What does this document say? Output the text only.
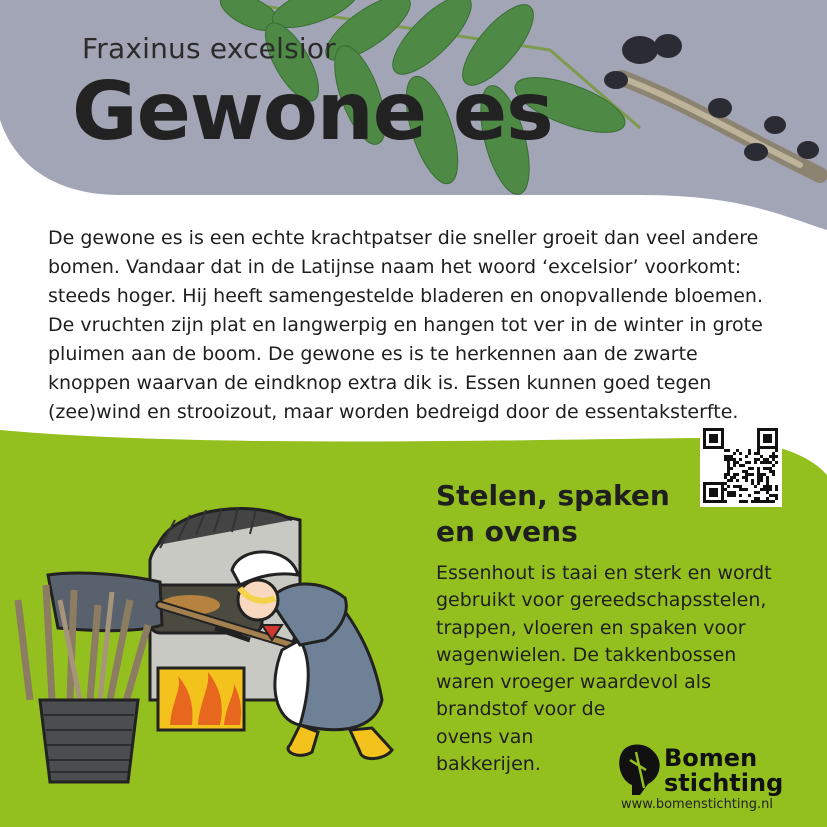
Fraxinus excelsior
Gewone es

De gewone es is een echte krachtpatser die sneller groeit dan veel andere
bomen. Vandaar dat in de Latijnse naam het woord ‘excelsior’ voorkomt:
steeds hoger. Hij heeft samengestelde bladeren en onopvallende bloemen.
De vruchten zijn plat en langwerpig en hangen tot ver in de winter in grote
pluimen aan de boom. De gewone es is te herkennen aan de zwarte
knoppen waarvan de eindknop extra dik is. Essen kunnen goed tegen
(zee)wind en strooizout, maar worden bedreigd door de essentaksterfte.

Stelen, spaken
en ovens

Essenhout is taai en sterk en wordt
gebruikt voor gereedschapsstelen,
trappen, vloeren en spaken voor
wagenwielen. De takkenbossen
waren vroeger waardevol als
brandstof voor de
ovens van
bakkerijen.	Bomen
stichting
www.bomenstichting.nl
